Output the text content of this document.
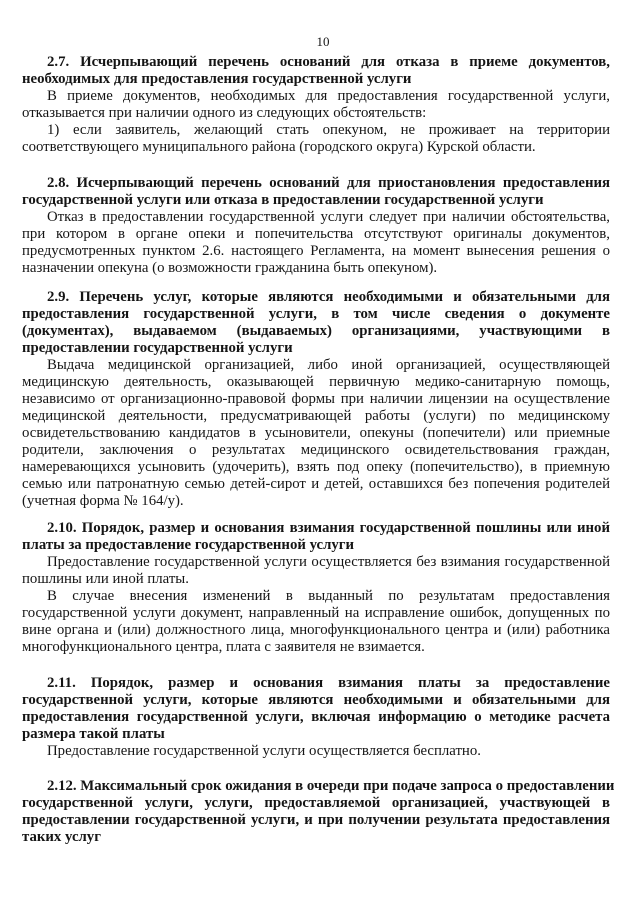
10
2.7. Исчерпывающий перечень оснований для отказа в приеме документов,
необходимых для предоставления государственной услуги
В приеме документов, необходимых для предоставления государственной услуги,
отказывается при наличии одного из следующих обстоятельств:
1) если заявитель, желающий стать опекуном, не проживает на территории
соответствующего муниципального района (городского округа) Курской области.
2.8. Исчерпывающий перечень оснований для приостановления предоставления
государственной услуги или отказа в предоставлении государственной услуги
Отказ в предоставлении государственной услуги следует при наличии обстоятельства,
при котором в органе опеки и попечительства отсутствуют оригиналы документов,
предусмотренных пунктом 2.6. настоящего Регламента, на момент вынесения решения о
назначении опекуна (о возможности гражданина быть опекуном).
2.9. Перечень услуг, которые являются необходимыми и обязательными для
предоставления государственной услуги, в том числе сведения о документе
(документах), выдаваемом (выдаваемых) организациями, участвующими в
предоставлении государственной услуги
Выдача медицинской организацией, либо иной организацией, осуществляющей
медицинскую деятельность, оказывающей первичную медико-санитарную помощь,
независимо от организационно-правовой формы при наличии лицензии на осуществление
медицинской деятельности, предусматривающей работы (услуги) по медицинскому
освидетельствованию кандидатов в усыновители, опекуны (попечители) или приемные
родители, заключения о результатах медицинского освидетельствования граждан,
намеревающихся усыновить (удочерить), взять под опеку (попечительство), в приемную
семью или патронатную семью детей-сирот и детей, оставшихся без попечения родителей
(учетная форма № 164/у).
2.10. Порядок, размер и основания взимания государственной пошлины или иной
платы за предоставление государственной услуги
Предоставление государственной услуги осуществляется без взимания государственной
пошлины или иной платы.
В случае внесения изменений в выданный по результатам предоставления
государственной услуги документ, направленный на исправление ошибок, допущенных по
вине органа и (или) должностного лица, многофункционального центра и (или) работника
многофункционального центра, плата с заявителя не взимается.
2.11. Порядок, размер и основания взимания платы за предоставление
государственной услуги, которые являются необходимыми и обязательными для
предоставления государственной услуги, включая информацию о методике расчета
размера такой платы
Предоставление государственной услуги осуществляется бесплатно.
2.12. Максимальный срок ожидания в очереди при подаче запроса о предоставлении
государственной услуги, услуги, предоставляемой организацией, участвующей в
предоставлении государственной услуги, и при получении результата предоставления
таких услуг
